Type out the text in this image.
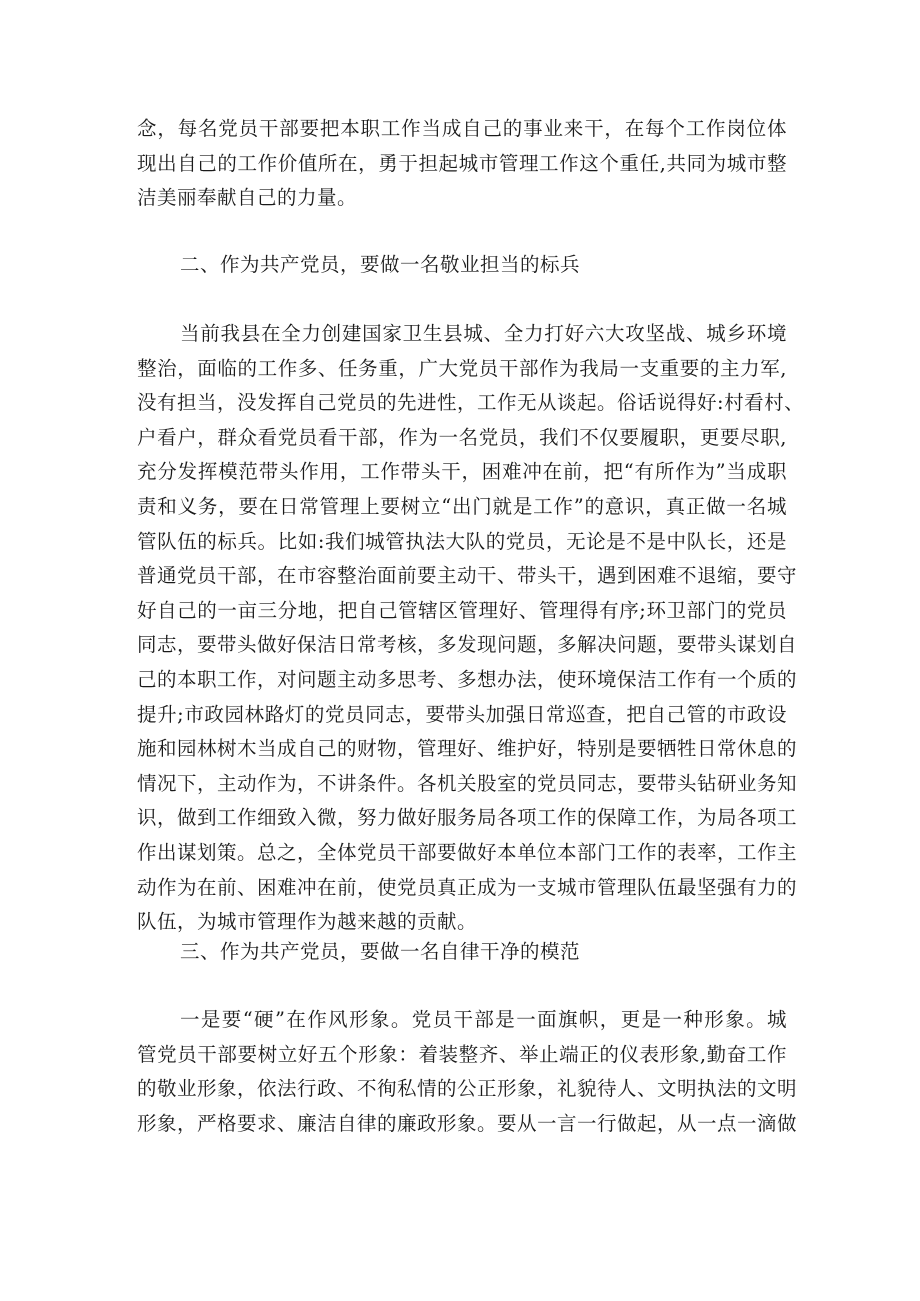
念，每名党员干部要把本职工作当成自己的事业来干，在每个工作岗位体
现出自己的工作价值所在，勇于担起城市管理工作这个重任,共同为城市整
洁美丽奉献自己的力量。
二、作为共产党员，要做一名敬业担当的标兵
当前我县在全力创建国家卫生县城、全力打好六大攻坚战、城乡环境
整治，面临的工作多、任务重，广大党员干部作为我局一支重要的主力军,
没有担当，没发挥自己党员的先进性，工作无从谈起。俗话说得好:村看村、
户看户，群众看党员看干部，作为一名党员，我们不仅要履职，更要尽职,
充分发挥模范带头作用，工作带头干，困难冲在前，把“有所作为”当成职
责和义务，要在日常管理上要树立“出门就是工作”的意识，真正做一名城
管队伍的标兵。比如:我们城管执法大队的党员，无论是不是中队长，还是
普通党员干部，在市容整治面前要主动干、带头干，遇到困难不退缩，要守
好自己的一亩三分地，把自己管辖区管理好、管理得有序;环卫部门的党员
同志，要带头做好保洁日常考核，多发现问题，多解决问题，要带头谋划自
己的本职工作，对问题主动多思考、多想办法，使环境保洁工作有一个质的
提升;市政园林路灯的党员同志，要带头加强日常巡查，把自己管的市政设
施和园林树木当成自己的财物，管理好、维护好，特别是要牺牲日常休息的
情况下，主动作为，不讲条件。各机关股室的党员同志，要带头钻研业务知
识，做到工作细致入微，努力做好服务局各项工作的保障工作，为局各项工
作出谋划策。总之，全体党员干部要做好本单位本部门工作的表率，工作主
动作为在前、困难冲在前，使党员真正成为一支城市管理队伍最坚强有力的
队伍，为城市管理作为越来越的贡献。
三、作为共产党员，要做一名自律干净的模范
一是要“硬”在作风形象。党员干部是一面旗帜，更是一种形象。城
管党员干部要树立好五个形象：着装整齐、举止端正的仪表形象,勤奋工作
的敬业形象，依法行政、不徇私情的公正形象，礼貌待人、文明执法的文明
形象，严格要求、廉洁自律的廉政形象。要从一言一行做起，从一点一滴做
